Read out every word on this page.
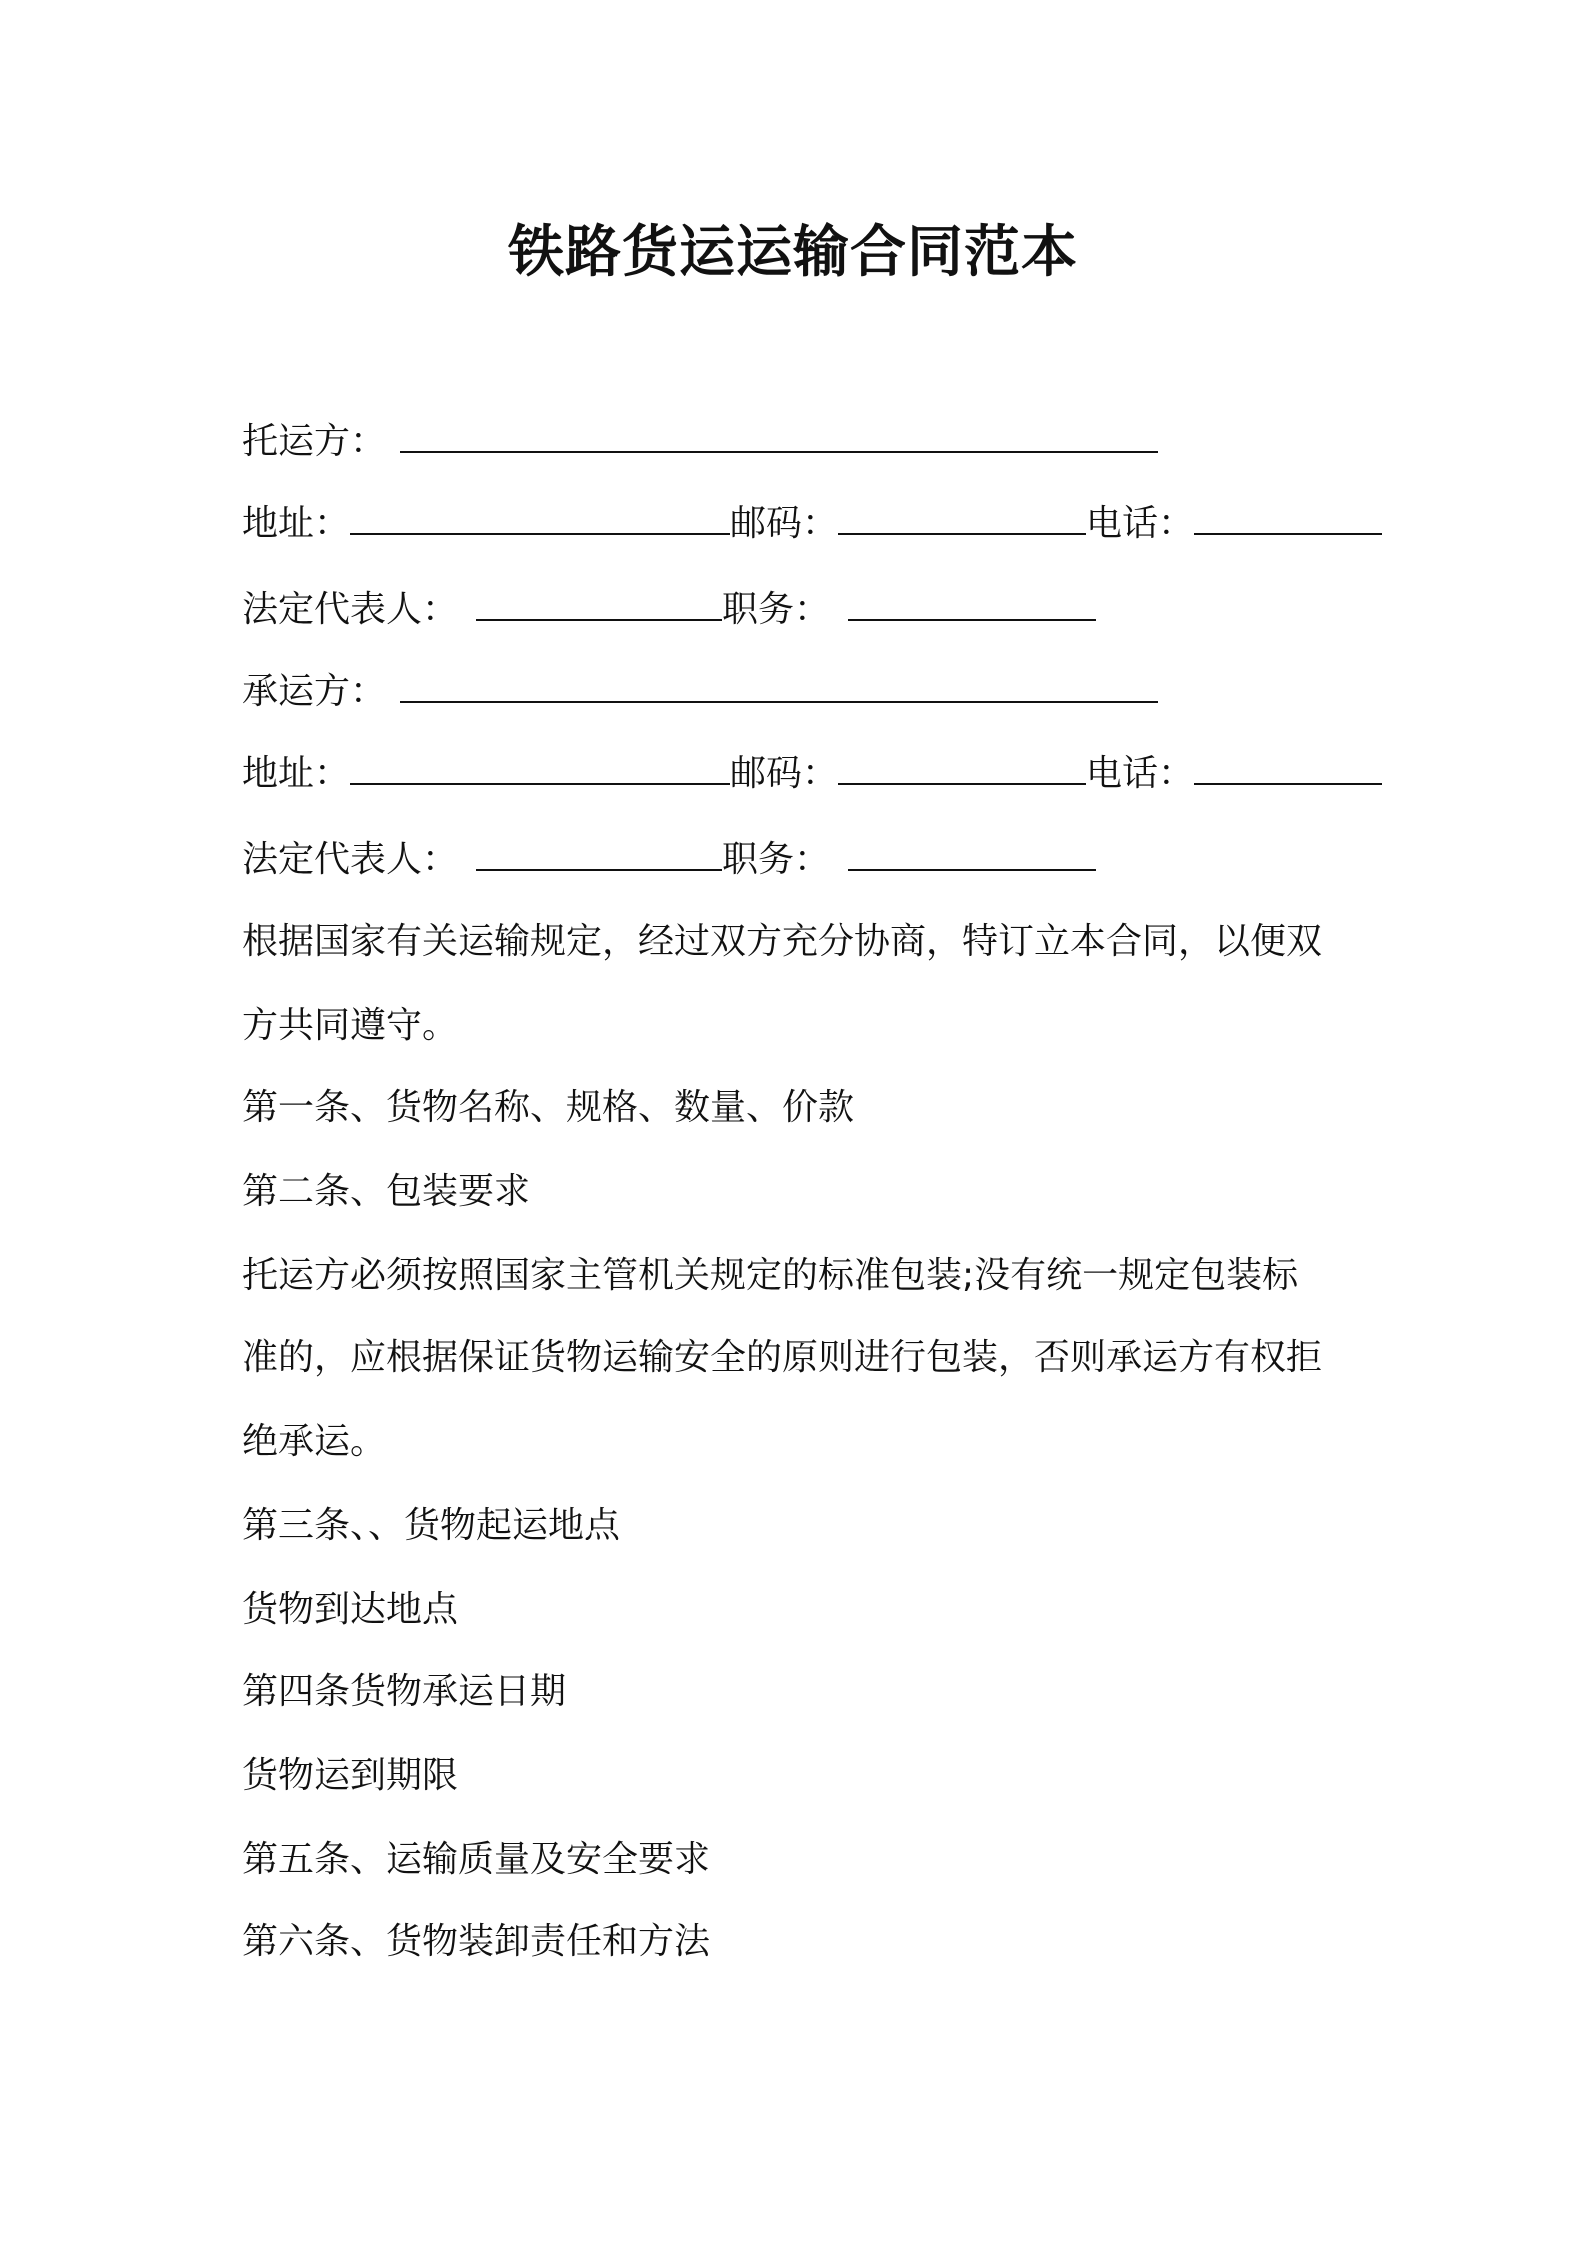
铁路货运运输合同范本
托运方：
地址：	邮码：	电话：
法定代表人：	职务：
承运方：
地址：	邮码：	电话：
法定代表人：	职务：
根据国家有关运输规定，经过双方充分协商，特订立本合同，以便双
方共同遵守。
第一条、货物名称、规格、数量、价款
第二条、包装要求
托运方必须按照国家主管机关规定的标准包装;没有统一规定包装标
准的，应根据保证货物运输安全的原则进行包装，否则承运方有权拒
绝承运。
第三条、、货物起运地点
货物到达地点
第四条货物承运日期
货物运到期限
第五条、运输质量及安全要求
第六条、货物装卸责任和方法
